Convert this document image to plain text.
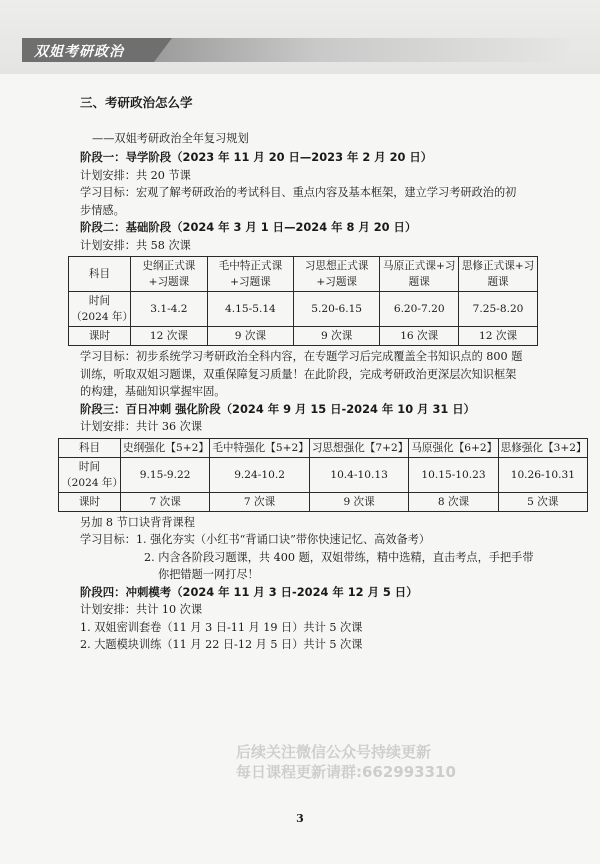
双姐考研政治
三、考研政治怎么学
——双姐考研政治全年复习规划
阶段一：导学阶段（2023 年 11 月 20 日—2023 年 2 月 20 日）
计划安排：共 20 节课
学习目标：宏观了解考研政治的考试科目、重点内容及基本框架，建立学习考研政治的初
步情感。
阶段二：基础阶段（2024 年 3 月 1 日—2024 年 8 月 20 日）
计划安排：共 58 次课
科目	史纲正式课+习题课	毛中特正式课+习题课	习思想正式课+习题课	马原正式课+习题课	思修正式课+习题课
时间（2024 年）	3.1-4.2	4.15-5.14	5.20-6.15	6.20-7.20	7.25-8.20
课时	12 次课	9 次课	9 次课	16 次课	12 次课
学习目标：初步系统学习考研政治全科内容，在专题学习后完成覆盖全书知识点的 800 题
训练，听取双姐习题课，双重保障复习质量！在此阶段，完成考研政治更深层次知识框架
的构建，基础知识掌握牢固。
阶段三：百日冲刺 强化阶段（2024 年 9 月 15 日-2024 年 10 月 31 日）
计划安排：共计 36 次课
科目	史纲强化【5+2】	毛中特强化【5+2】	习思想强化【7+2】	马原强化【6+2】	思修强化【3+2】
时间（2024 年）	9.15-9.22	9.24-10.2	10.4-10.13	10.15-10.23	10.26-10.31
课时	7 次课	7 次课	9 次课	8 次课	5 次课
另加 8 节口诀背背课程
学习目标：1. 强化夯实（小红书“背诵口诀”带你快速记忆、高效备考）
2. 内含各阶段习题课，共 400 题，双姐带练，精中选精，直击考点，手把手带
你把错题一网打尽！
阶段四：冲刺模考（2024 年 11 月 3 日-2024 年 12 月 5 日）
计划安排：共计 10 次课
1. 双姐密训套卷（11 月 3 日-11 月 19 日）共计 5 次课
2. 大题模块训练（11 月 22 日-12 月 5 日）共计 5 次课
后续关注微信公众号持续更新
每日课程更新请群:662993310
3
